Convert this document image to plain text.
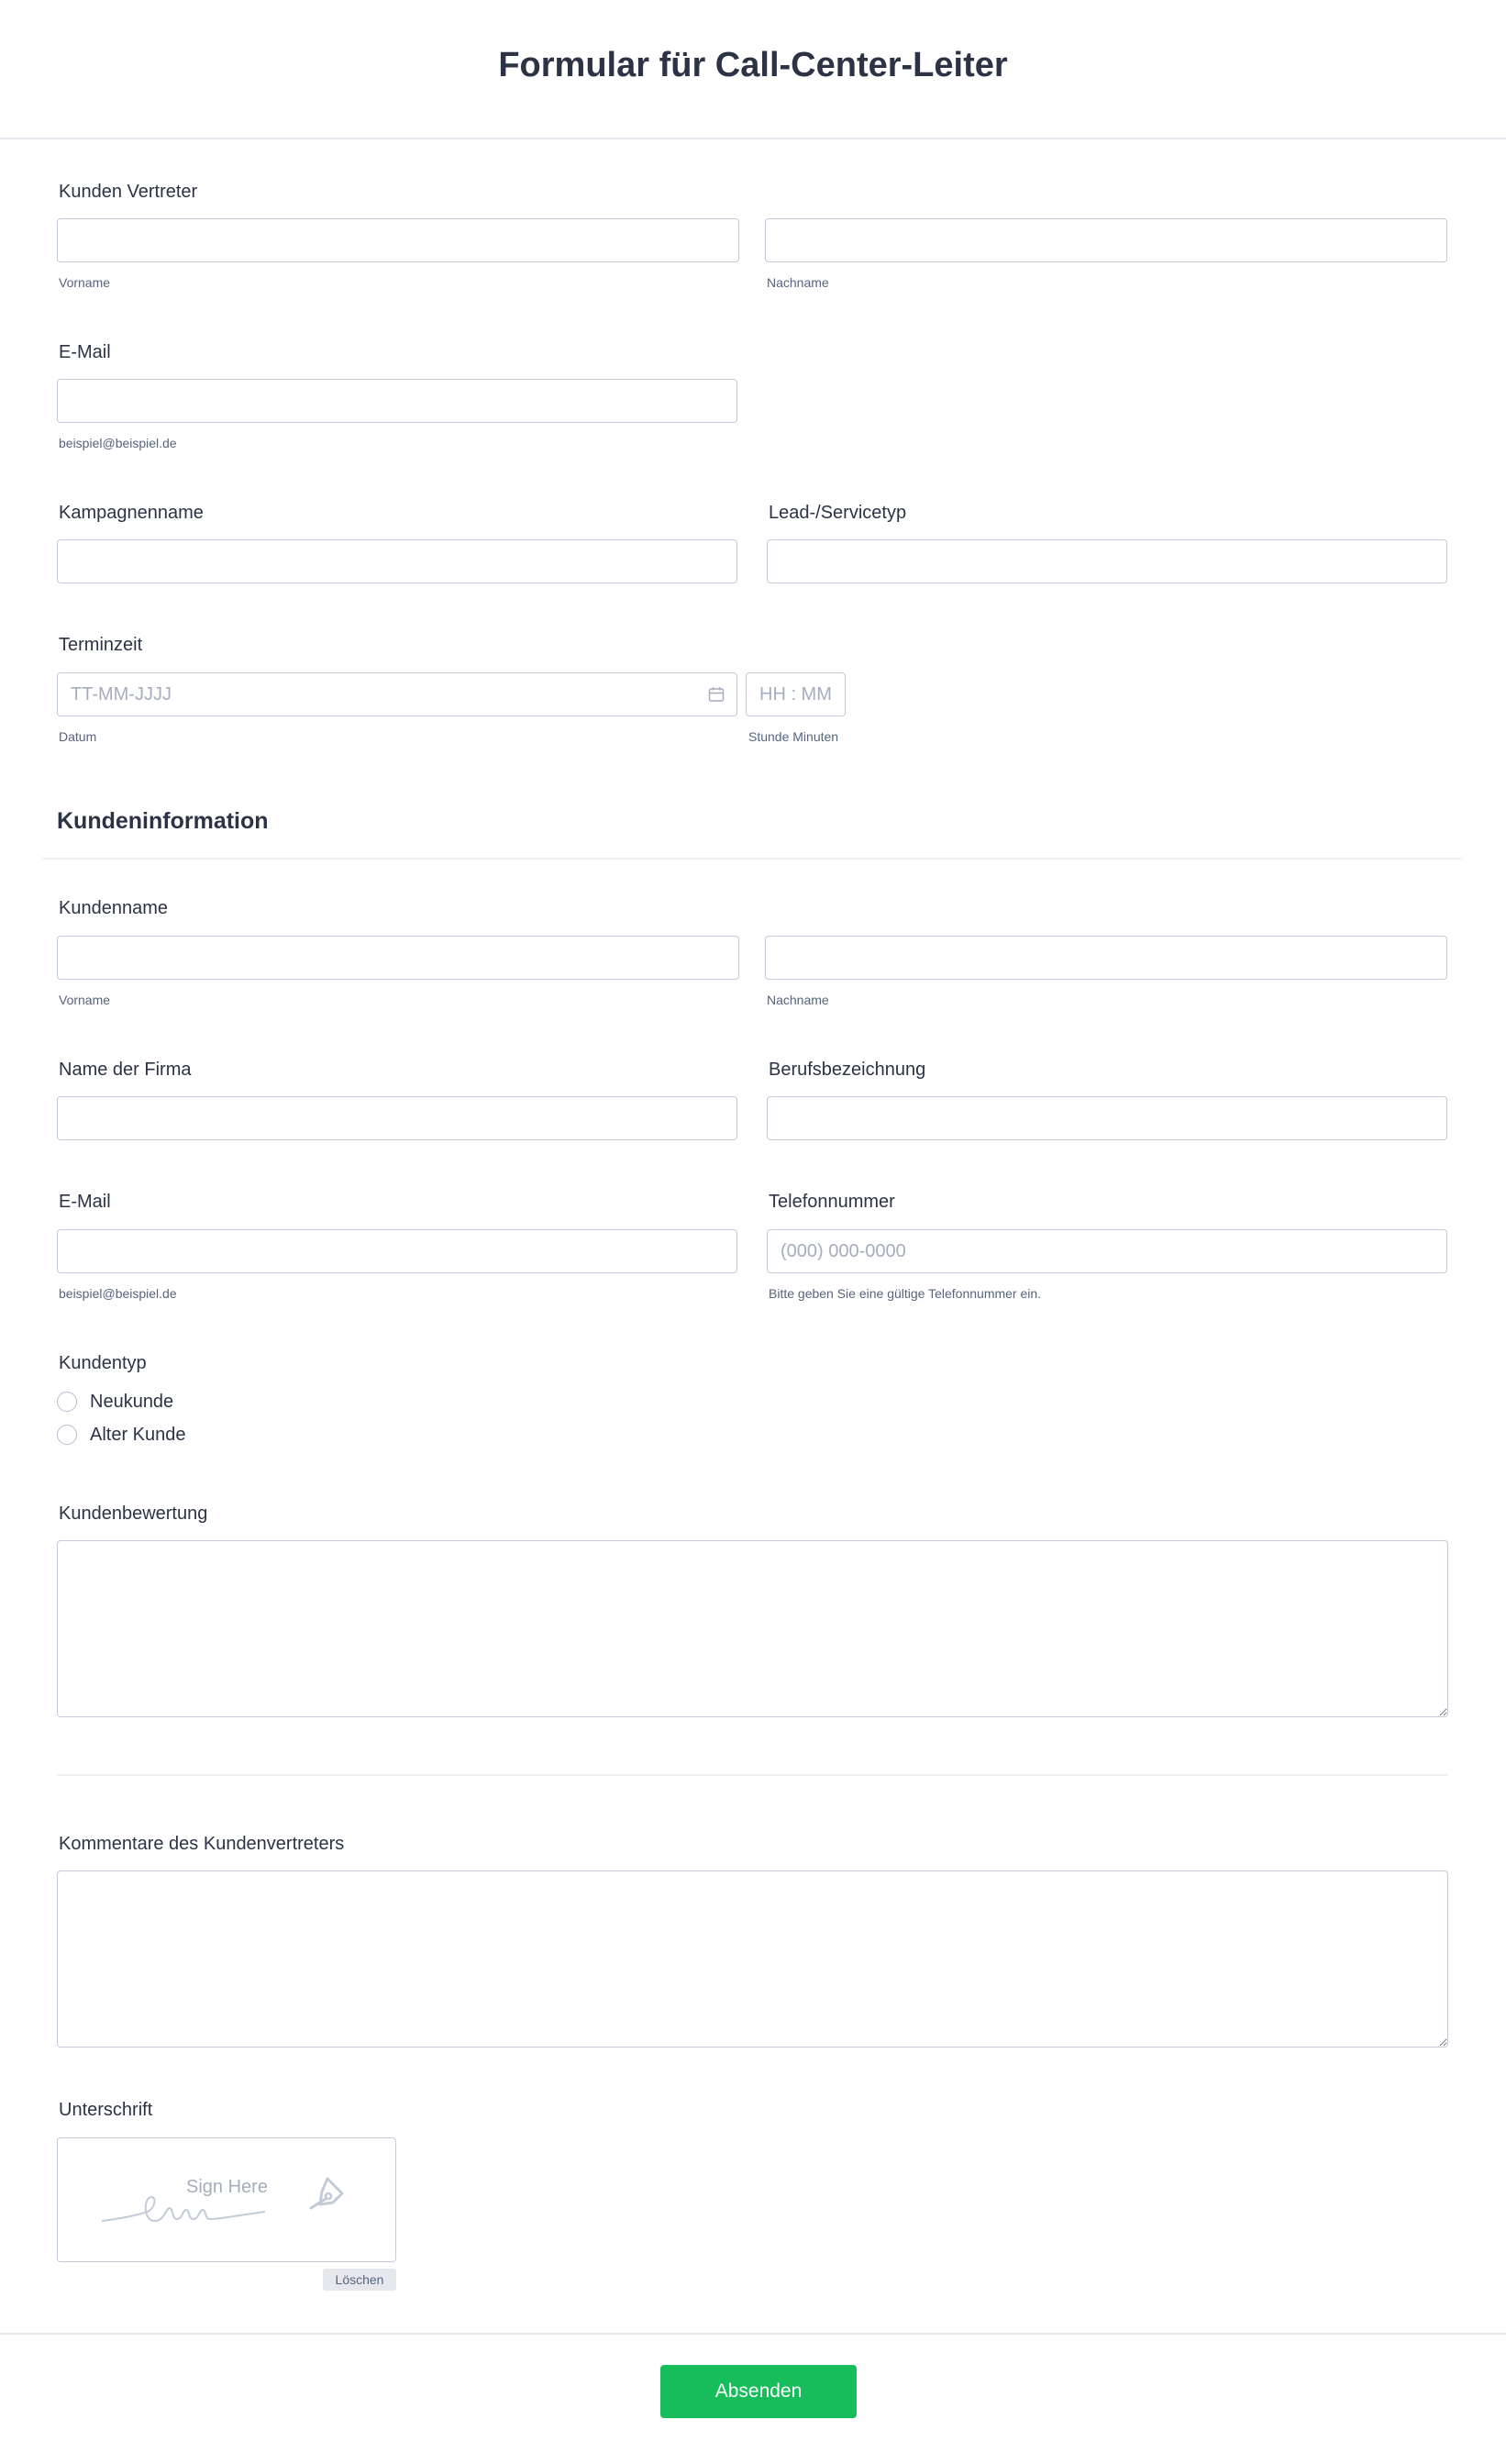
Formular für Call-Center-Leiter
Kunden Vertreter
Vorname	Nachname
E-Mail
beispiel@beispiel.de
Kampagnenname	Lead-/Servicetyp
Terminzeit
TT-MM-JJJJ
HH : MM
Datum	Stunde Minuten
Kundeninformation
Kundenname
Vorname	Nachname
Name der Firma	Berufsbezeichnung
E-Mail	Telefonnummer
(000) 000-0000
beispiel@beispiel.de	Bitte geben Sie eine gültige Telefonnummer ein.
Kundentyp
Neukunde
Alter Kunde
Kundenbewertung
Kommentare des Kundenvertreters
Unterschrift
Sign Here
Löschen
Absenden
